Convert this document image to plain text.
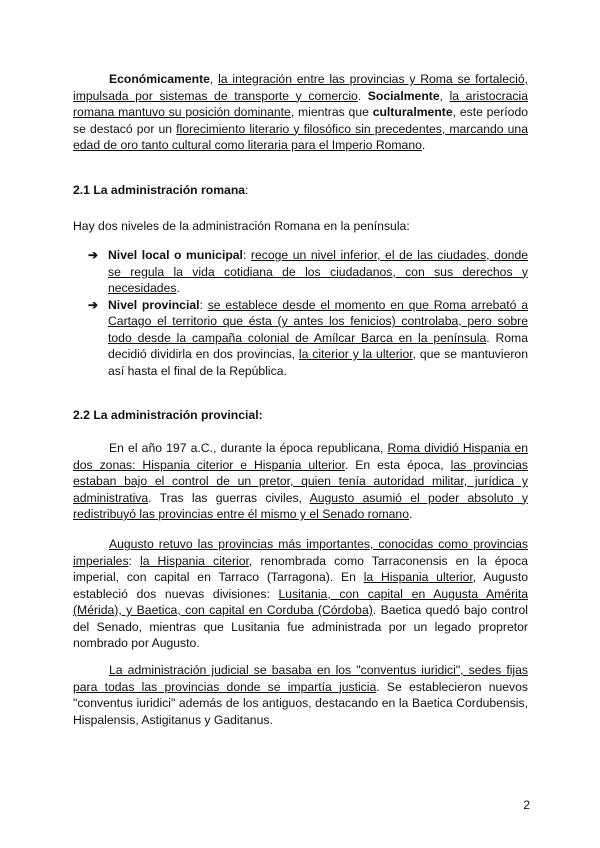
Económicamente, la integración entre las provincias y Roma se fortaleció, impulsada por sistemas de transporte y comercio. Socialmente, la aristocracia romana mantuvo su posición dominante, mientras que culturalmente, este período se destacó por un florecimiento literario y filosófico sin precedentes, marcando una edad de oro tanto cultural como literaria para el Imperio Romano.

2.1 La administración romana:

Hay dos niveles de la administración Romana en la península:

➔ Nivel local o municipal: recoge un nivel inferior, el de las ciudades, donde se regula la vida cotidiana de los ciudadanos, con sus derechos y necesidades.
➔ Nivel provincial: se establece desde el momento en que Roma arrebató a Cartago el territorio que ésta (y antes los fenicios) controlaba, pero sobre todo desde la campaña colonial de Amílcar Barca en la península. Roma decidió dividirla en dos provincias, la citerior y la ulterior, que se mantuvieron así hasta el final de la República.
2.2 La administración provincial:

En el año 197 a.C., durante la época republicana, Roma dividió Hispania en dos zonas: Hispania citerior e Hispania ulterior. En esta época, las provincias estaban bajo el control de un pretor, quien tenía autoridad militar, jurídica y administrativa. Tras las guerras civiles, Augusto asumió el poder absoluto y redistribuyó las provincias entre él mismo y el Senado romano.

Augusto retuvo las provincias más importantes, conocidas como provincias imperiales: la Hispania citerior, renombrada como Tarraconensis en la época imperial, con capital en Tarraco (Tarragona). En la Hispania ulterior, Augusto estableció dos nuevas divisiones: Lusitania, con capital en Augusta Amérita (Mérida), y Baetica, con capital en Corduba (Córdoba). Baetica quedó bajo control del Senado, mientras que Lusitania fue administrada por un legado propretor nombrado por Augusto.

La administración judicial se basaba en los "conventus iuridici", sedes fijas para todas las provincias donde se impartía justicia. Se establecieron nuevos "conventus iuridici" además de los antiguos, destacando en la Baetica Cordubensis, Hispalensis, Astigitanus y Gaditanus.

2
